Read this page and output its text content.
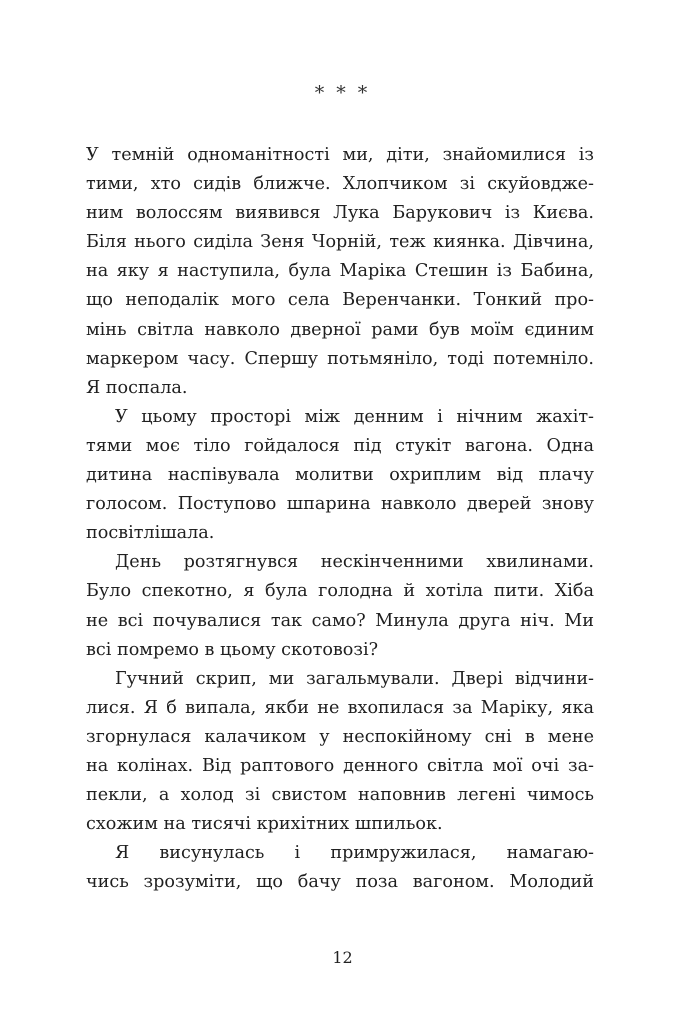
* * *
У темній одноманітності ми, діти, знайомилися із
тими, хто сидів ближче. Хлопчиком зі скуйовдже-
ним волоссям виявився Лука Барукович із Києва.
Біля нього сиділа Зеня Чорній, теж киянка. Дівчина,
на яку я наступила, була Маріка Стешин із Бабина,
що неподалік мого села Веренчанки. Тонкий про-
мінь світла навколо дверної рами був моїм єдиним
маркером часу. Спершу потьмяніло, тоді потемніло.
Я поспала.
У цьому просторі між денним і нічним жахіт-
тями моє тіло гойдалося під стукіт вагона. Одна
дитина наспівувала молитви охриплим від плачу
голосом. Поступово шпарина навколо дверей знову
посвітлішала.
День розтягнувся нескінченними хвилинами.
Було спекотно, я була голодна й хотіла пити. Хіба
не всі почувалися так само? Минула друга ніч. Ми
всі помремо в цьому скотовозі?
Гучний скрип, ми загальмували. Двері відчини-
лися. Я б випала, якби не вхопилася за Маріку, яка
згорнулася калачиком у неспокійному сні в мене
на колінах. Від раптового денного світла мої очі за-
пекли, а холод зі свистом наповнив легені чимось
схожим на тисячі крихітних шпильок.
Я висунулась і примружилася, намагаю-
чись зрозуміти, що бачу поза вагоном. Молодий
12
